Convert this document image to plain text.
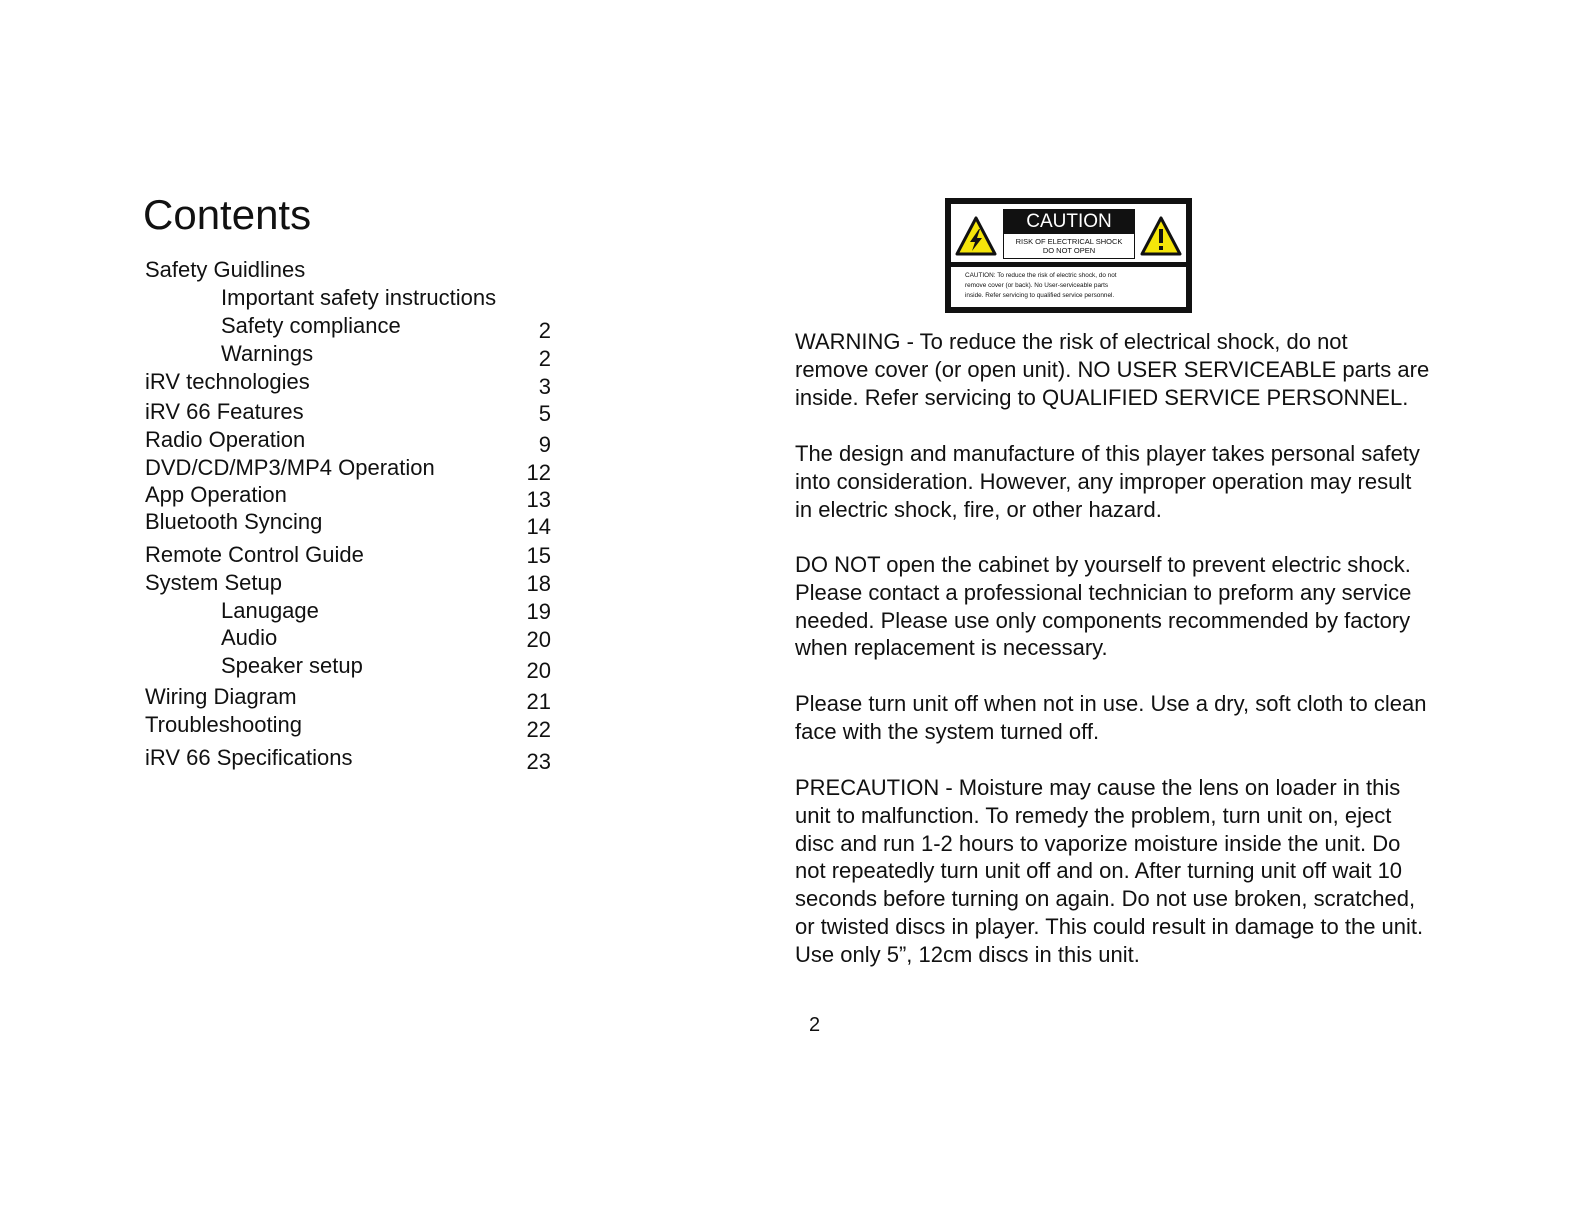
Contents
Safety Guidlines
Important safety instructions
Safety compliance	2
Warnings	2
iRV technologies	3
iRV 66 Features	5
Radio Operation	9
DVD/CD/MP3/MP4 Operation	12
App Operation	13
Bluetooth Syncing	14
Remote Control Guide	15
System Setup	18
Lanugage	19
Audio	20
Speaker setup	20
Wiring Diagram	21
Troubleshooting	22
iRV 66 Specifications	23
CAUTION
RISK OF ELECTRICAL SHOCK
DO NOT OPEN
CAUTION: To reduce the risk of electric shock, do not
remove cover (or back). No User-serviceable parts
inside. Refer servicing to qualified service personnel.

WARNING - To reduce the risk of electrical shock, do not
remove cover (or open unit). NO USER SERVICEABLE parts are
inside. Refer servicing to QUALIFIED SERVICE PERSONNEL.

The design and manufacture of this player takes personal safety
into consideration. However, any improper operation may result
in electric shock, fire, or other hazard.

DO NOT open the cabinet by yourself to prevent electric shock.
Please contact a professional technician to preform any service
needed. Please use only components recommended by factory
when replacement is necessary.

Please turn unit off when not in use. Use a dry, soft cloth to clean
face with the system turned off.

PRECAUTION - Moisture may cause the lens on loader in this
unit to malfunction. To remedy the problem, turn unit on, eject
disc and run 1-2 hours to vaporize moisture inside the unit. Do
not repeatedly turn unit off and on. After turning unit off wait 10
seconds before turning on again. Do not use broken, scratched,
or twisted discs in player. This could result in damage to the unit.
Use only 5”, 12cm discs in this unit.

2
